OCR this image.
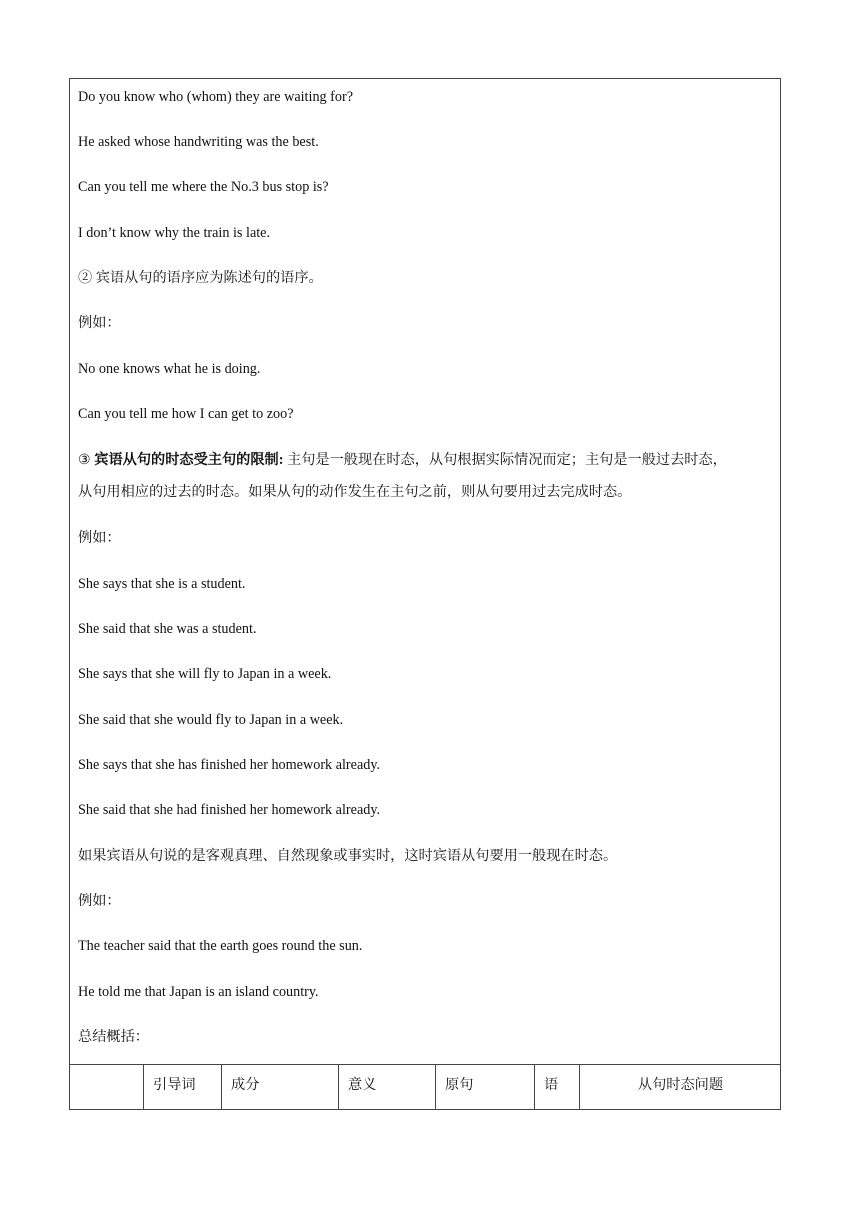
Do you know who (whom) they are waiting for?
He asked whose handwriting was the best.
Can you tell me where the No.3 bus stop is?
I don’t know why the train is late.
② 宾语从句的语序应为陈述句的语序。
例如：
No one knows what he is doing.
Can you tell me how I can get to zoo?
③ 宾语从句的时态受主句的限制: 主句是一般现在时态，从句根据实际情况而定；主句是一般过去时态，
从句用相应的过去的时态。如果从句的动作发生在主句之前，则从句要用过去完成时态。
例如：
She says that she is a student.
She said that she was a student.
She says that she will fly to Japan in a week.
She said that she would fly to Japan in a week.
She says that she has finished her homework already.
She said that she had finished her homework already.
如果宾语从句说的是客观真理、自然现象或事实时，这时宾语从句要用一般现在时态。
例如：
The teacher said that the earth goes round the sun.
He told me that Japan is an island country.
总结概括：
引导词	成分	意义	原句	语	从句时态问题
